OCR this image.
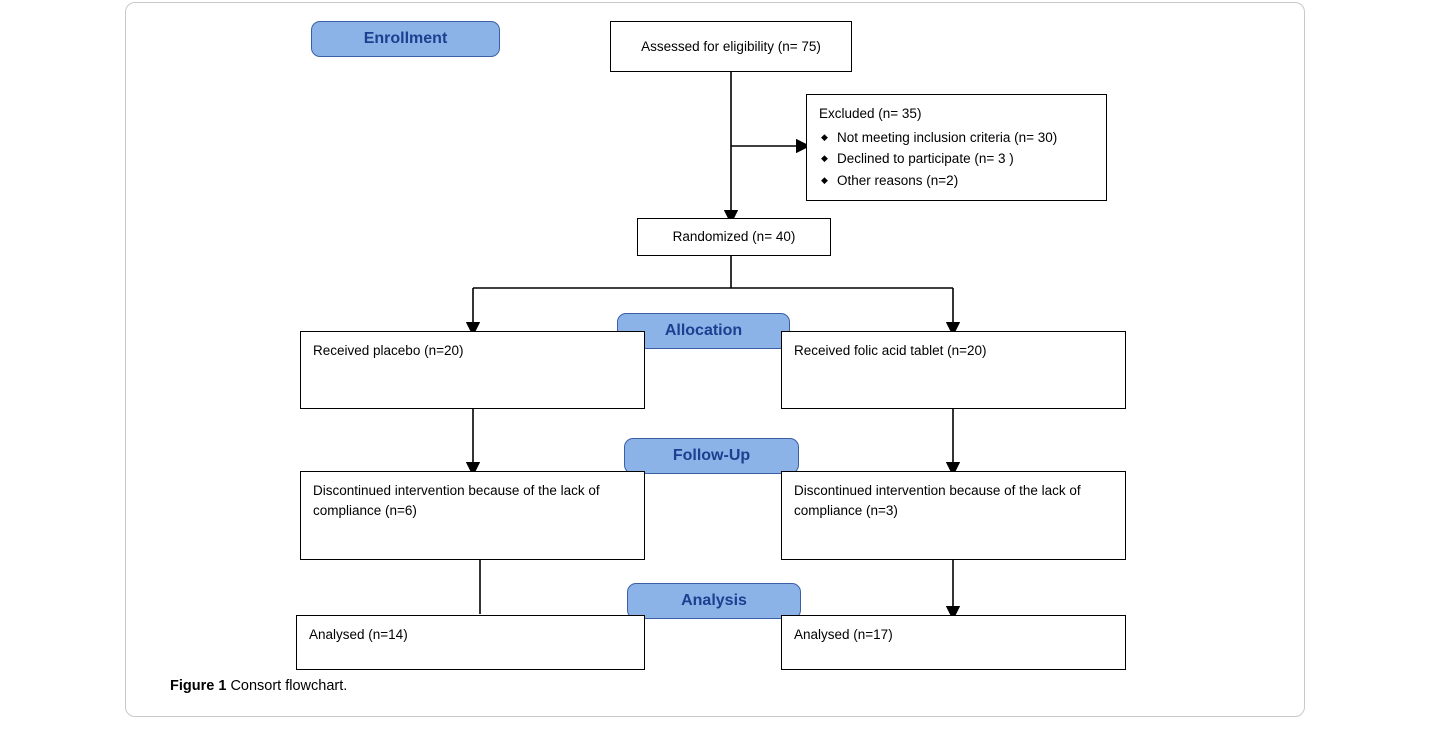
Enrollment
Allocation
Follow-Up
Analysis
Assessed for eligibility (n= 75)
Excluded (n= 35)
◆ Not meeting inclusion criteria (n= 30)
◆ Declined to participate (n= 3 )
◆ Other reasons (n=2)
Randomized (n= 40)
Received placebo (n=20)	Received folic acid tablet (n=20)
Discontinued intervention because of the lack of compliance (n=6)
Discontinued intervention because of the lack of compliance (n=3)
Analysed (n=14)	Analysed (n=17)
Figure 1 Consort flowchart.
